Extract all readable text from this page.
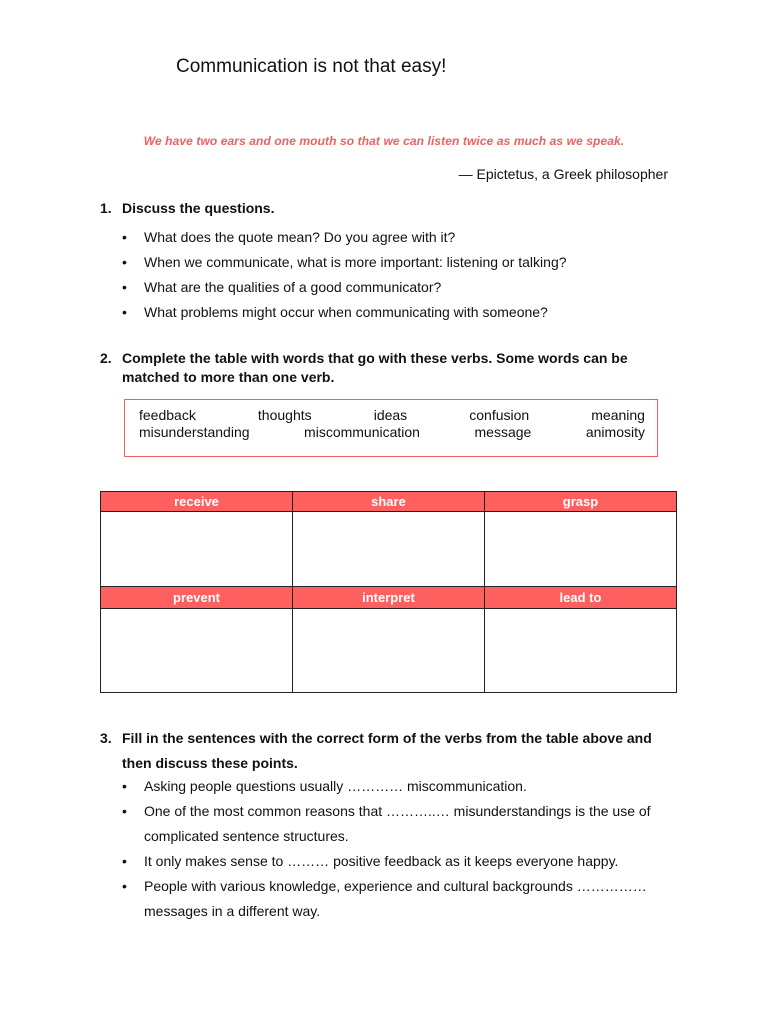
Communication is not that easy!
We have two ears and one mouth so that we can listen twice as much as we speak.
— Epictetus, a Greek philosopher
1. Discuss the questions.
• What does the quote mean? Do you agree with it?
• When we communicate, what is more important: listening or talking?
• What are the qualities of a good communicator?
• What problems might occur when communicating with someone?
2. Complete the table with words that go with these verbs. Some words can be matched to more than one verb.
feedback	thoughts	ideas	confusion	meaning
misunderstanding	miscommunication	message	animosity
receive	share	grasp

prevent	interpret	lead to

3. Fill in the sentences with the correct form of the verbs from the table above and then discuss these points.
• Asking people questions usually ………… miscommunication.
• One of the most common reasons that ………..… misunderstandings is the use of complicated sentence structures.
• It only makes sense to ……… positive feedback as it keeps everyone happy.
• People with various knowledge, experience and cultural backgrounds …………… messages in a different way.
